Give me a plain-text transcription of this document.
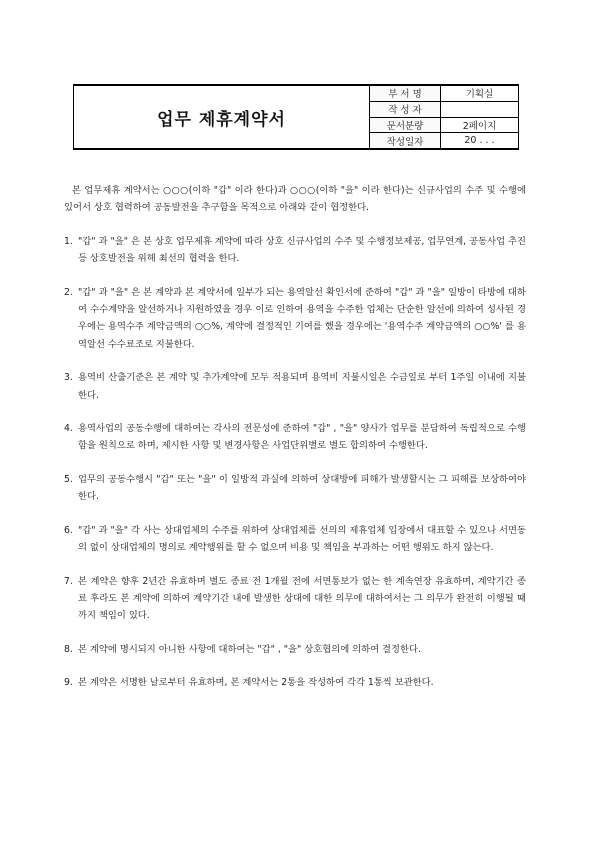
업무 제휴계약서
부 서 명	기획실
작 성 자
문서분량	2페이지
작성일자	20 . . .

본 업무제휴 계약서는 ○○○(이하 "갑" 이라 한다)과 ○○○(이하 "을" 이라 한다)는 신규사업의 수주 및 수행에 있어서 상호 협력하여 공동발전을 추구함을 목적으로 아래와 같이 협정한다.

1. "갑" 과 "을" 은 본 상호 업무제휴 계약에 따라 상호 신규사업의 수주 및 수행정보제공, 업무연계, 공동사업 추진 등 상호발전을 위해 최선의 협력을 한다.
2. "갑" 과 "을" 은 본 계약과 본 계약서에 일부가 되는 용역알선 확인서에 준하여 "갑" 과 "을" 일방이 타방에 대하여 수수계약을 알선하거나 지원하였을 경우 이로 인하여 용역을 수주한 업체는 단순한 알선에 의하여 성사된 경우에는 용역수주 계약금액의 ○○%, 계약에 결정적인 기여를 했을 경우에는 '용역수주 계약금액의 ○○%' 를 용역알선 수수료조로 지불한다.
3. 용역비 산출기준은 본 계약 및 추가계약에 모두 적용되며 용역비 지불시일은 수금일로 부터 1주일 이내에 지불한다.
4. 용역사업의 공동수행에 대하여는 각사의 전문성에 준하여 "갑" , "을" 양사가 업무를 분담하여 독립적으로 수행함을 원칙으로 하며, 제시한 사항 및 변경사항은 사업단위별로 별도 합의하여 수행한다.
5. 업무의 공동수행시 "갑" 또는 "을" 이 일방적 과실에 의하여 상대방에 피해가 발생할시는 그 피해를 보상하여야 한다.
6. "갑" 과 "을" 각 사는 상대업체의 수주를 위하여 상대업체를 선의의 제휴업체 입장에서 대표할 수 있으나 서면동의 없이 상대업체의 명의로 계약행위를 할 수 없으며 비용 및 책임을 부과하는 어떤 행위도 하지 않는다.
7. 본 계약은 향후 2년간 유효하며 별도 종료 전 1개월 전에 서면통보가 없는 한 계속연장 유효하며, 계약기간 종료 후라도 본 계약에 의하여 계약기간 내에 발생한 상대에 대한 의무에 대하여서는 그 의무가 완전히 이행될 때까지 책임이 있다.
8. 본 계약에 명시되지 아니한 사항에 대하여는 "갑" , "을" 상호협의에 의하여 결정한다.
9. 본 계약은 서명한 날로부터 유효하며, 본 계약서는 2통을 작성하여 각각 1통씩 보관한다.
